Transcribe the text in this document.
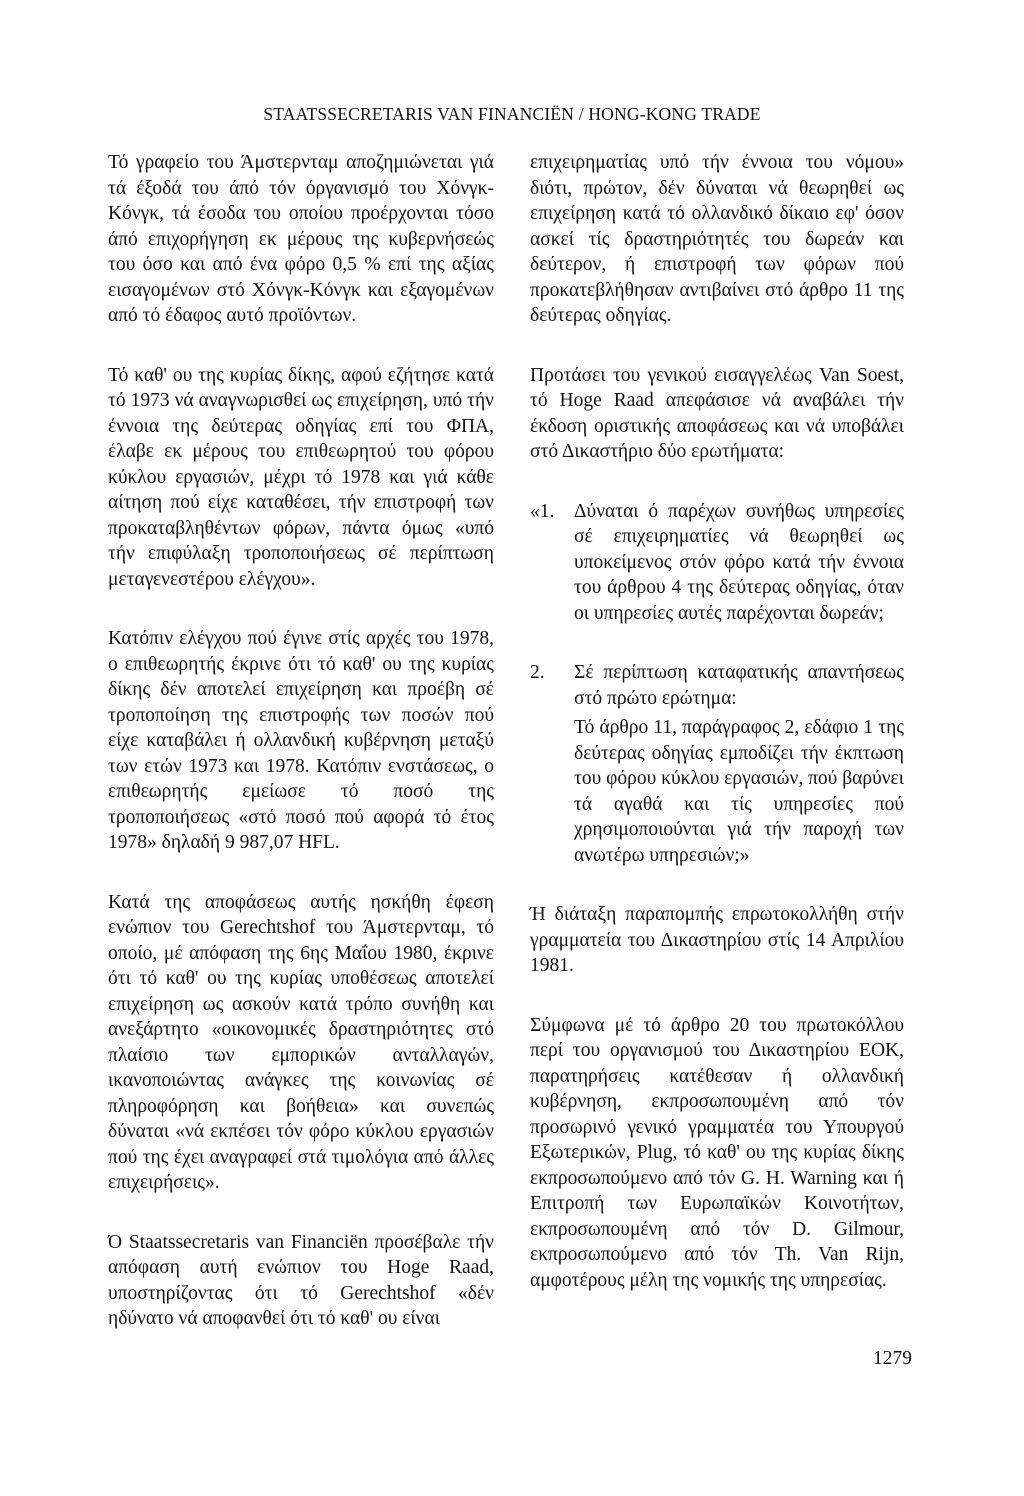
STAATSSECRETARIS VAN FINANCIËN / HONG-KONG TRADE

Τό γραφείο του Άμστερνταμ αποζημιώνεται γιά τά έξοδά του άπό τόν όργανισμό του Χόνγκ-Κόνγκ, τά έσοδα του οποίου προέρχονται τόσο άπό επιχορήγηση εκ μέρους της κυβερνήσεώς του όσο και από ένα φόρο 0,5 % επί της αξίας εισαγομένων στό Χόνγκ-Κόνγκ και εξαγομένων από τό έδαφος αυτό προϊόντων.

Τό καθ' ου της κυρίας δίκης, αφού εζήτησε κατά τό 1973 νά αναγνωρισθεί ως επιχείρηση, υπό τήν έννοια της δεύτερας οδηγίας επί του ΦΠΑ, έλαβε εκ μέρους του επιθεωρητού του φόρου κύκλου εργασιών, μέχρι τό 1978 και γιά κάθε αίτηση πού είχε καταθέσει, τήν επιστροφή των προκαταβληθέντων φόρων, πάντα όμως «υπό τήν επιφύλαξη τροποποιήσεως σέ περίπτωση μεταγενεστέρου ελέγχου».

Κατόπιν ελέγχου πού έγινε στίς αρχές του 1978, ο επιθεωρητής έκρινε ότι τό καθ' ου της κυρίας δίκης δέν αποτελεί επιχείρηση και προέβη σέ τροποποίηση της επιστροφής των ποσών πού είχε καταβάλει ή ολλανδική κυβέρνηση μεταξύ των ετών 1973 και 1978. Κατόπιν ενστάσεως, ο επιθεωρητής εμείωσε τό ποσό της τροποποιήσεως «στό ποσό πού αφορά τό έτος 1978» δηλαδή 9 987,07 HFL.

Κατά της αποφάσεως αυτής ησκήθη έφεση ενώπιον του Gerechtshof του Άμστερνταμ, τό οποίο, μέ απόφαση της 6ης Μαΐου 1980, έκρινε ότι τό καθ' ου της κυρίας υποθέσεως αποτελεί επιχείρηση ως ασκούν κατά τρόπο συνήθη και ανεξάρτητο «οικονομικές δραστηριότητες στό πλαίσιο των εμπορικών ανταλλαγών, ικανοποιώντας ανάγκες της κοινωνίας σέ πληροφόρηση και βοήθεια» και συνεπώς δύναται «νά εκπέσει τόν φόρο κύκλου εργασιών πού της έχει αναγραφεί στά τιμολόγια από άλλες επιχειρήσεις».

Ό Staatssecretaris van Financiën προσέβαλε τήν απόφαση αυτή ενώπιον του Hoge Raad, υποστηρίζοντας ότι τό Gerechtshof «δέν ηδύνατο νά αποφανθεί ότι τό καθ' ου είναι

επιχειρηματίας υπό τήν έννοια του νόμου» διότι, πρώτον, δέν δύναται νά θεωρηθεί ως επιχείρηση κατά τό ολλανδικό δίκαιο εφ' όσον ασκεί τίς δραστηριότητές του δωρεάν και δεύτερον, ή επιστροφή των φόρων πού προκατεβλήθησαν αντιβαίνει στό άρθρο 11 της δεύτερας οδηγίας.

Προτάσει του γενικού εισαγγελέως Van Soest, τό Hoge Raad απεφάσισε νά αναβάλει τήν έκδοση οριστικής αποφάσεως και νά υποβάλει στό Δικαστήριο δύο ερωτήματα:

«1.	Δύναται ό παρέχων συνήθως υπηρεσίες σέ επιχειρηματίες νά θεωρηθεί ως υποκείμενος στόν φόρο κατά τήν έννοια του άρθρου 4 της δεύτερας οδηγίας, όταν οι υπηρεσίες αυτές παρέχονται δωρεάν;

2.	Σέ περίπτωση καταφατικής απαντήσεως στό πρώτο ερώτημα:

Τό άρθρο 11, παράγραφος 2, εδάφιο 1 της δεύτερας οδηγίας εμποδίζει τήν έκπτωση του φόρου κύκλου εργασιών, πού βαρύνει τά αγαθά και τίς υπηρεσίες πού χρησιμοποιούνται γιά τήν παροχή των ανωτέρω υπηρεσιών;»

Ή διάταξη παραπομπής επρωτοκολλήθη στήν γραμματεία του Δικαστηρίου στίς 14 Απριλίου 1981.

Σύμφωνα μέ τό άρθρο 20 του πρωτοκόλλου περί του οργανισμού του Δικαστηρίου ΕΟΚ, παρατηρήσεις κατέθεσαν ή ολλανδική κυβέρνηση, εκπροσωπουμένη από τόν προσωρινό γενικό γραμματέα του Υπουργού Εξωτερικών, Plug, τό καθ' ου της κυρίας δίκης εκπροσωπούμενο από τόν G. H. Warning και ή Επιτροπή των Ευρωπαϊκών Κοινοτήτων, εκπροσωπουμένη από τόν D. Gilmour, εκπροσωπούμενο από τόν Th. Van Rijn, αμφοτέρους μέλη της νομικής της υπηρεσίας.

1279
